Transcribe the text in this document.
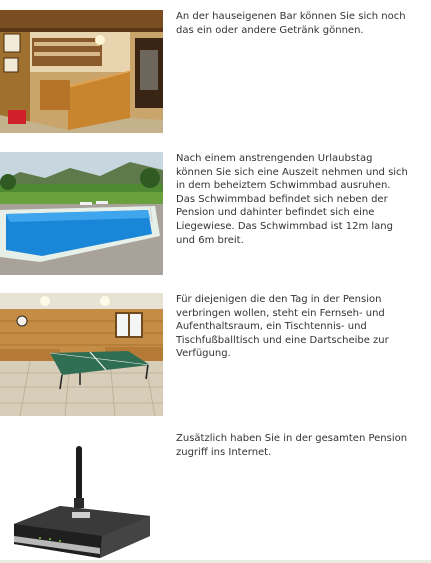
An der hauseigenen Bar können Sie sich noch das ein oder andere Getränk gönnen.
Nach einem anstrengenden Urlaubstag können Sie sich eine Auszeit nehmen und sich in dem beheiztem Schwimmbad ausruhen. Das Schwimmbad befindet sich neben der Pension und dahinter befindet sich eine Liegewiese. Das Schwimmbad ist 12m lang und 6m breit.
Für diejenigen die den Tag in der Pension verbringen wollen, steht ein Fernseh- und Aufenthaltsraum, ein Tischtennis- und Tischfußballtisch und eine Dartscheibe zur Verfügung.
Zusätzlich haben Sie in der gesamten Pension zugriff ins Internet.
